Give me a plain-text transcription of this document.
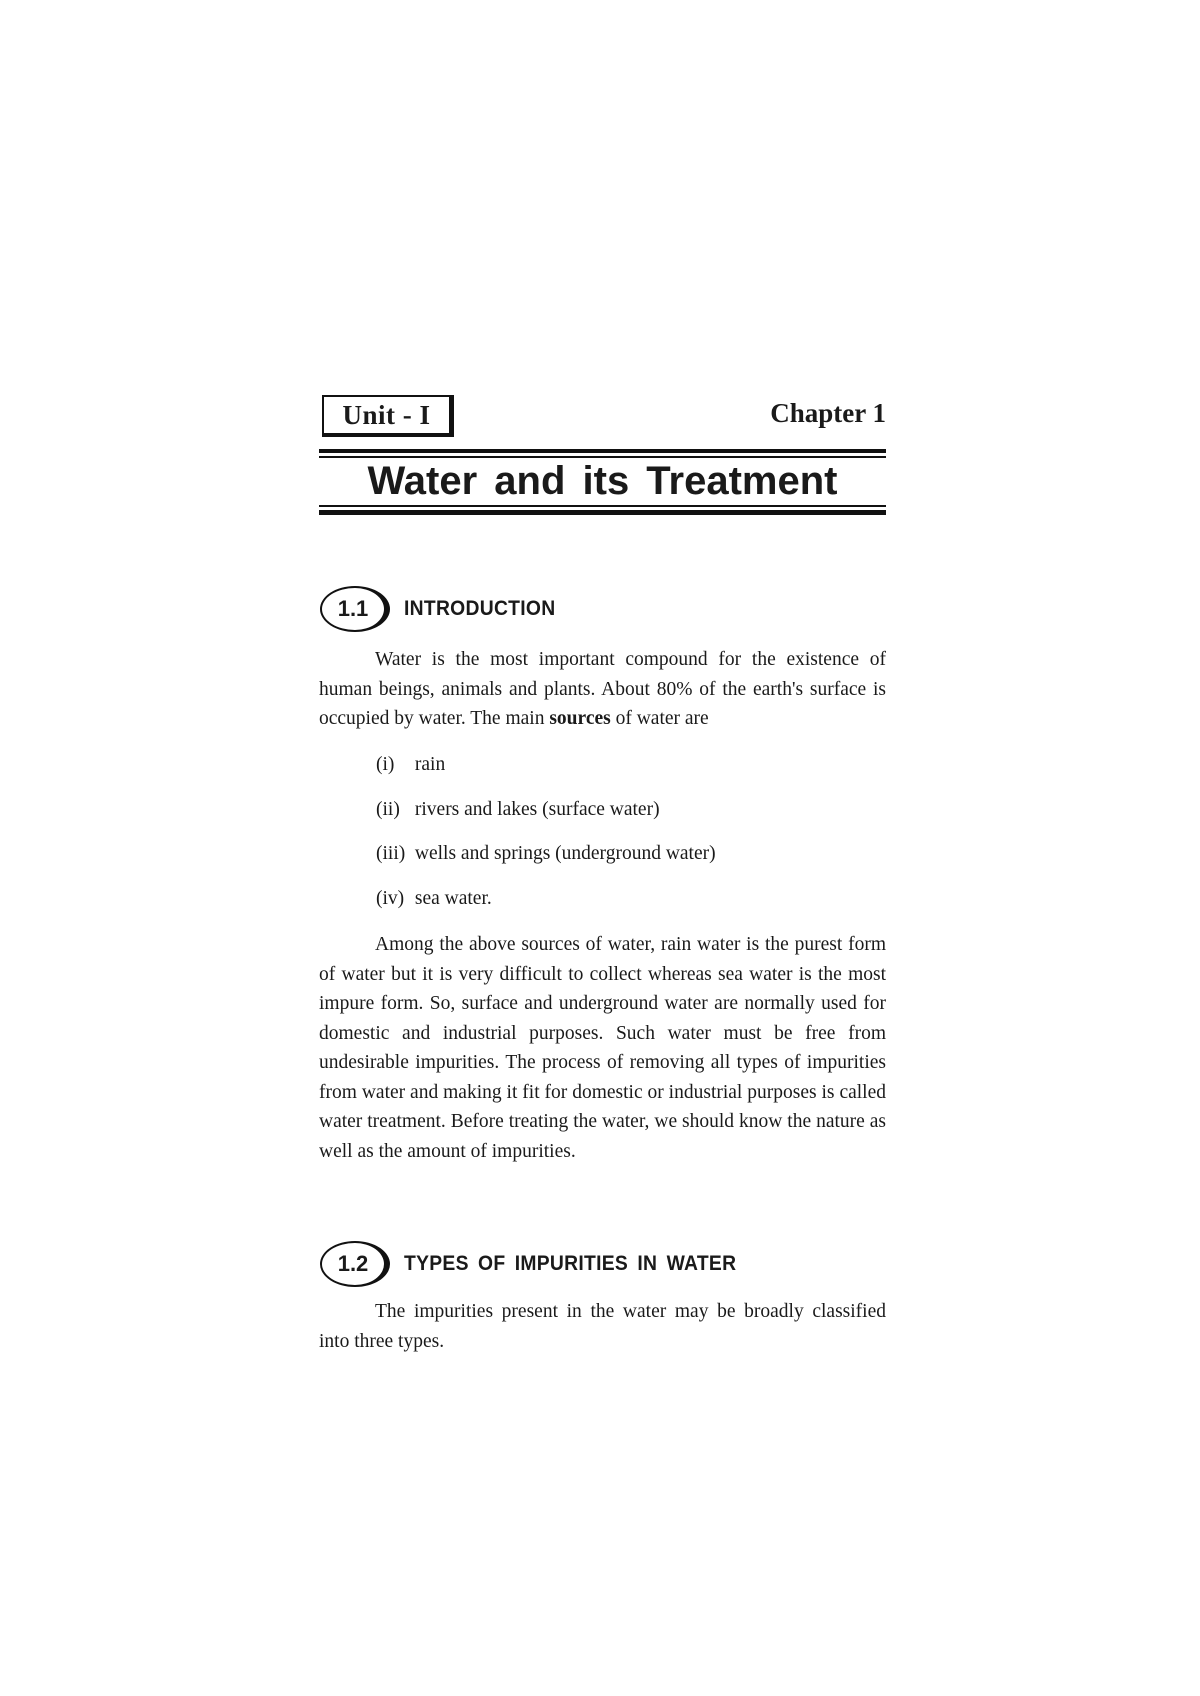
Unit - I	Chapter 1
Water and its Treatment
1.1	INTRODUCTION

Water is the most important compound for the existence of human beings, animals and plants. About 80% of the earth's surface is occupied by water. The main sources of water are

(i) rain
(ii) rivers and lakes (surface water)
(iii) wells and springs (underground water)
(iv) sea water.

Among the above sources of water, rain water is the purest form of water but it is very difficult to collect whereas sea water is the most impure form. So, surface and underground water are normally used for domestic and industrial purposes. Such water must be free from undesirable impurities. The process of removing all types of impurities from water and making it fit for domestic or industrial purposes is called water treatment. Before treating the water, we should know the nature as well as the amount of impurities.

1.2	TYPES OF IMPURITIES IN WATER

The impurities present in the water may be broadly classified into three types.
